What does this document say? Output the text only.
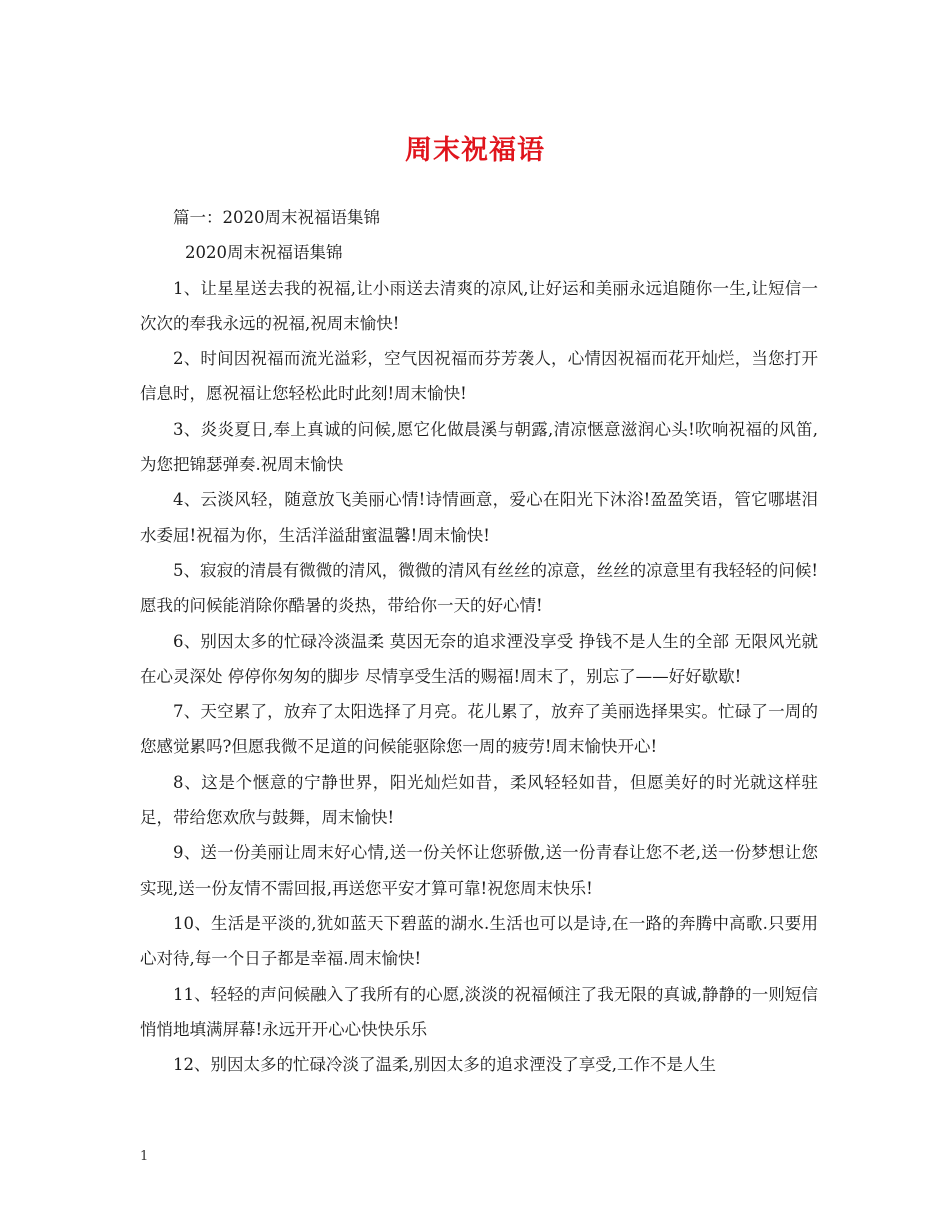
周末祝福语

篇一：2020周末祝福语集锦

2020周末祝福语集锦

1、让星星送去我的祝福,让小雨送去清爽的凉风,让好运和美丽永远追随你一生,让短信一次次的奉我永远的祝福,祝周末愉快!

2、时间因祝福而流光溢彩，空气因祝福而芬芳袭人，心情因祝福而花开灿烂，当您打开信息时，愿祝福让您轻松此时此刻!周末愉快!

3、炎炎夏日,奉上真诚的问候,愿它化做晨溪与朝露,清凉惬意滋润心头!吹响祝福的风笛,为您把锦瑟弹奏.祝周末愉快

4、云淡风轻，随意放飞美丽心情!诗情画意，爱心在阳光下沐浴!盈盈笑语，管它哪堪泪水委屈!祝福为你，生活洋溢甜蜜温馨!周末愉快!

5、寂寂的清晨有微微的清风，微微的清风有丝丝的凉意，丝丝的凉意里有我轻轻的问候!愿我的问候能消除你酷暑的炎热，带给你一天的好心情!

6、别因太多的忙碌冷淡温柔 莫因无奈的追求湮没享受 挣钱不是人生的全部 无限风光就在心灵深处 停停你匆匆的脚步 尽情享受生活的赐福!周末了，别忘了——好好歇歇!

7、天空累了，放弃了太阳选择了月亮。花儿累了，放弃了美丽选择果实。忙碌了一周的您感觉累吗?但愿我微不足道的问候能驱除您一周的疲劳!周末愉快开心!

8、这是个惬意的宁静世界，阳光灿烂如昔，柔风轻轻如昔，但愿美好的时光就这样驻足，带给您欢欣与鼓舞，周末愉快!

9、送一份美丽让周末好心情,送一份关怀让您骄傲,送一份青春让您不老,送一份梦想让您实现,送一份友情不需回报,再送您平安才算可靠!祝您周末快乐!

10、生活是平淡的,犹如蓝天下碧蓝的湖水.生活也可以是诗,在一路的奔腾中高歌.只要用心对待,每一个日子都是幸福.周末愉快!

11、轻轻的声问候融入了我所有的心愿,淡淡的祝福倾注了我无限的真诚,静静的一则短信悄悄地填满屏幕!永远开开心心快快乐乐

12、别因太多的忙碌冷淡了温柔,别因太多的追求湮没了享受,工作不是人生

1
